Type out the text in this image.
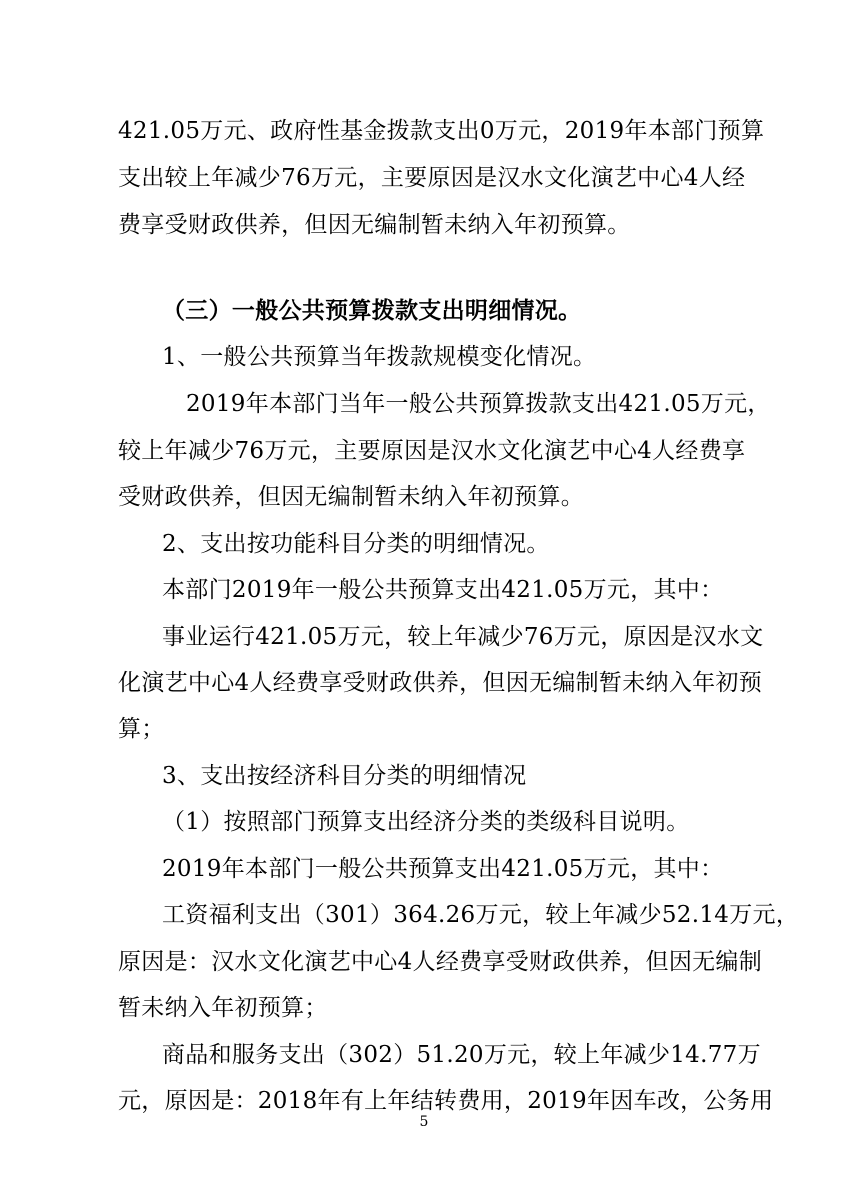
421.05万元、政府性基金拨款支出0万元，2019年本部门预算
支出较上年减少76万元，主要原因是汉水文化演艺中心4人经
费享受财政供养，但因无编制暂未纳入年初预算。
（三）一般公共预算拨款支出明细情况。
1、一般公共预算当年拨款规模变化情况。
2019年本部门当年一般公共预算拨款支出421.05万元，
较上年减少76万元，主要原因是汉水文化演艺中心4人经费享
受财政供养，但因无编制暂未纳入年初预算。
2、支出按功能科目分类的明细情况。
本部门2019年一般公共预算支出421.05万元，其中：
事业运行421.05万元，较上年减少76万元，原因是汉水文
化演艺中心4人经费享受财政供养，但因无编制暂未纳入年初预
算；
3、支出按经济科目分类的明细情况
（1）按照部门预算支出经济分类的类级科目说明。
2019年本部门一般公共预算支出421.05万元，其中：
工资福利支出（301）364.26万元，较上年减少52.14万元，
原因是：汉水文化演艺中心4人经费享受财政供养，但因无编制
暂未纳入年初预算；
商品和服务支出（302）51.20万元，较上年减少14.77万
元，原因是：2018年有上年结转费用，2019年因车改，公务用
5
